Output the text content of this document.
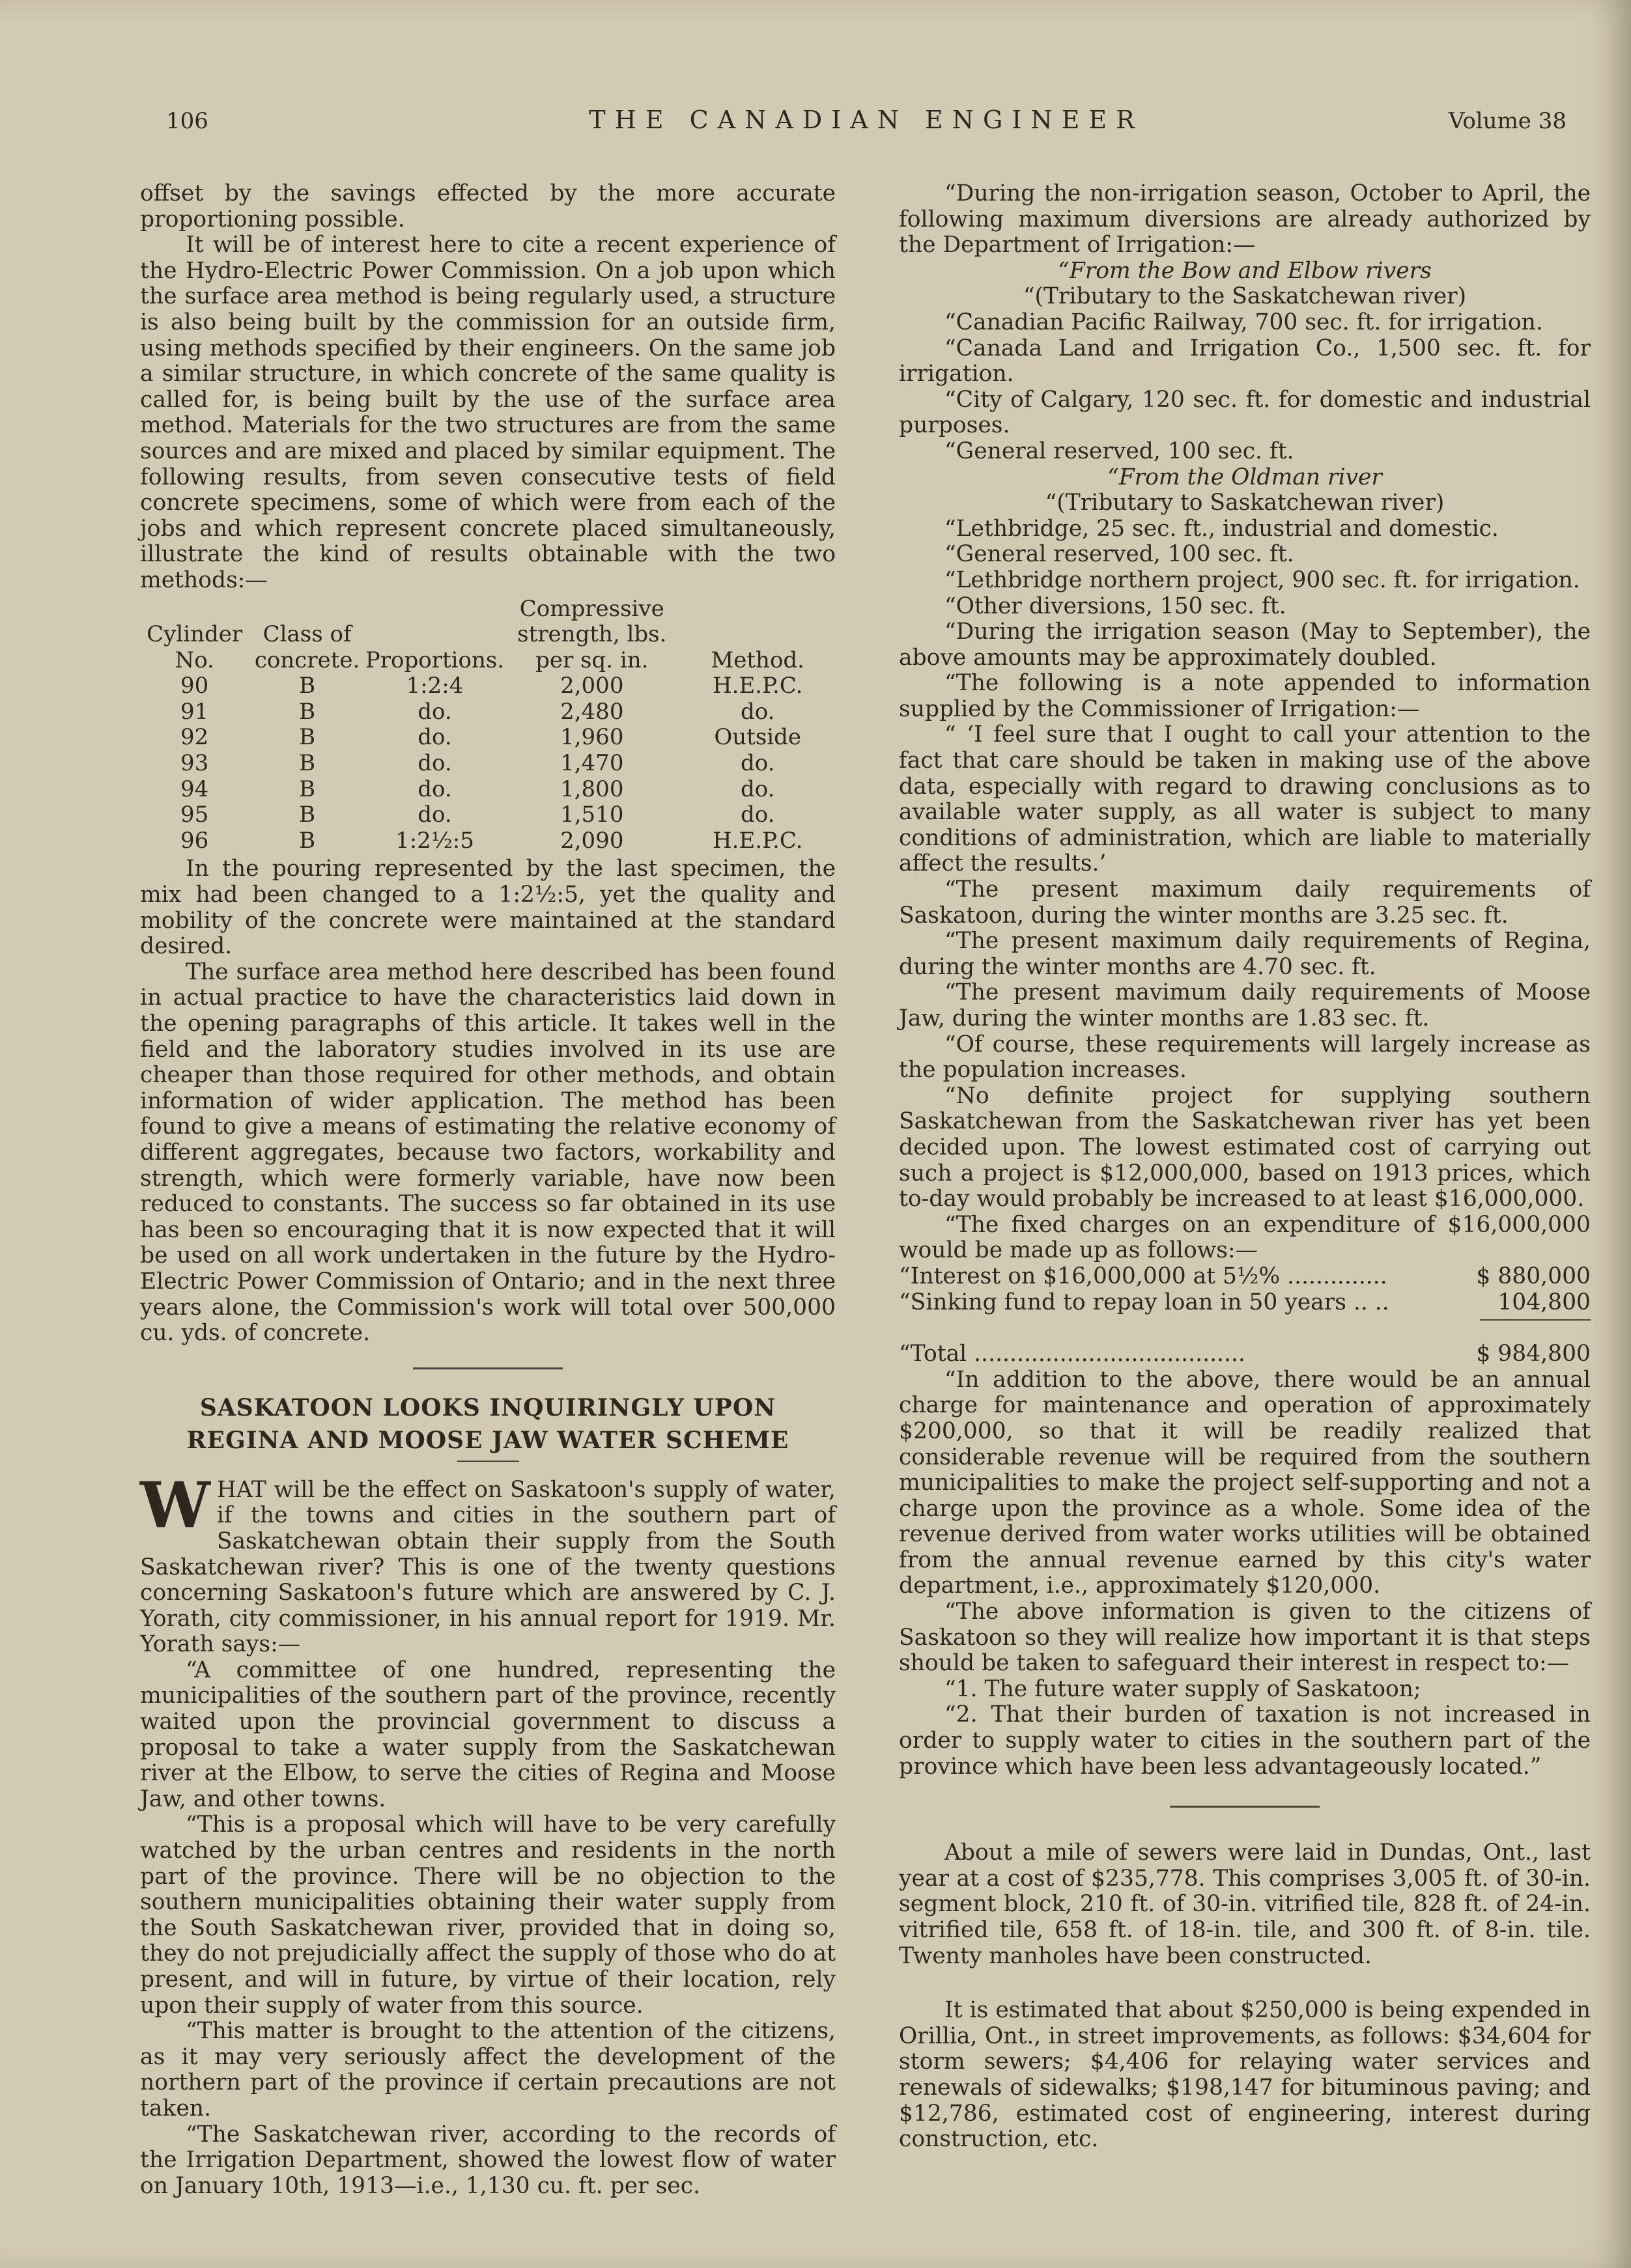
106	THE CANADIAN ENGINEER	Volume 38

offset by the savings effected by the more accurate proportioning possible.

It will be of interest here to cite a recent experience of the Hydro-Electric Power Commission. On a job upon which the surface area method is being regularly used, a structure is also being built by the commission for an outside firm, using methods specified by their engineers. On the same job a similar structure, in which concrete of the same quality is called for, is being built by the use of the surface area method. Materials for the two structures are from the same sources and are mixed and placed by similar equipment. The following results, from seven consecutive tests of field concrete specimens, some of which were from each of the jobs and which represent concrete placed simultaneously, illustrate the kind of results obtainable with the two methods:—

Cylinder No.	Class of concrete.	Proportions.	Compressive strength, lbs. per sq. in.	Method.
90	B	1:2:4	2,000	H.E.P.C.
91	B	do.	2,480	do.
92	B	do.	1,960	Outside
93	B	do.	1,470	do.
94	B	do.	1,800	do.
95	B	do.	1,510	do.
96	B	1:2½:5	2,090	H.E.P.C.

In the pouring represented by the last specimen, the mix had been changed to a 1:2½:5, yet the quality and mobility of the concrete were maintained at the standard desired.

The surface area method here described has been found in actual practice to have the characteristics laid down in the opening paragraphs of this article. It takes well in the field and the laboratory studies involved in its use are cheaper than those required for other methods, and obtain information of wider application. The method has been found to give a means of estimating the relative economy of different aggregates, because two factors, workability and strength, which were formerly variable, have now been reduced to constants. The success so far obtained in its use has been so encouraging that it is now expected that it will be used on all work undertaken in the future by the Hydro-Electric Power Commission of Ontario; and in the next three years alone, the Commission's work will total over 500,000 cu. yds. of concrete.

SASKATOON LOOKS INQUIRINGLY UPON REGINA AND MOOSE JAW WATER SCHEME

WHAT will be the effect on Saskatoon's supply of water, if the towns and cities in the southern part of Saskatchewan obtain their supply from the South Saskatchewan river? This is one of the twenty questions concerning Saskatoon's future which are answered by C. J. Yorath, city commissioner, in his annual report for 1919. Mr. Yorath says:—

“A committee of one hundred, representing the municipalities of the southern part of the province, recently waited upon the provincial government to discuss a proposal to take a water supply from the Saskatchewan river at the Elbow, to serve the cities of Regina and Moose Jaw, and other towns.

“This is a proposal which will have to be very carefully watched by the urban centres and residents in the north part of the province. There will be no objection to the southern municipalities obtaining their water supply from the South Saskatchewan river, provided that in doing so, they do not prejudicially affect the supply of those who do at present, and will in future, by virtue of their location, rely upon their supply of water from this source.

“This matter is brought to the attention of the citizens, as it may very seriously affect the development of the northern part of the province if certain precautions are not taken.

“The Saskatchewan river, according to the records of the Irrigation Department, showed the lowest flow of water on January 10th, 1913—i.e., 1,130 cu. ft. per sec.

“During the non-irrigation season, October to April, the following maximum diversions are already authorized by the Department of Irrigation:—

“From the Bow and Elbow rivers

“(Tributary to the Saskatchewan river)

“Canadian Pacific Railway, 700 sec. ft. for irrigation.

“Canada Land and Irrigation Co., 1,500 sec. ft. for irrigation.

“City of Calgary, 120 sec. ft. for domestic and industrial purposes.

“General reserved, 100 sec. ft.

“From the Oldman river

“(Tributary to Saskatchewan river)

“Lethbridge, 25 sec. ft., industrial and domestic.

“General reserved, 100 sec. ft.

“Lethbridge northern project, 900 sec. ft. for irrigation.

“Other diversions, 150 sec. ft.

“During the irrigation season (May to September), the above amounts may be approximately doubled.

“The following is a note appended to information supplied by the Commissioner of Irrigation:—

“ ‘I feel sure that I ought to call your attention to the fact that care should be taken in making use of the above data, especially with regard to drawing conclusions as to available water supply, as all water is subject to many conditions of administration, which are liable to materially affect the results.’

“The present maximum daily requirements of Saskatoon, during the winter months are 3.25 sec. ft.

“The present maximum daily requirements of Regina, during the winter months are 4.70 sec. ft.

“The present mavimum daily requirements of Moose Jaw, during the winter months are 1.83 sec. ft.

“Of course, these requirements will largely increase as the population increases.

“No definite project for supplying southern Saskatchewan from the Saskatchewan river has yet been decided upon. The lowest estimated cost of carrying out such a project is $12,000,000, based on 1913 prices, which to-day would probably be increased to at least $16,000,000.

“The fixed charges on an expenditure of $16,000,000 would be made up as follows:—

“Interest on $16,000,000 at 5½% ..............	$ 880,000
“Sinking fund to repay loan in 50 years .. ..	104,800
“Total ......................................	$ 984,800

“In addition to the above, there would be an annual charge for maintenance and operation of approximately $200,000, so that it will be readily realized that considerable revenue will be required from the southern municipalities to make the project self-supporting and not a charge upon the province as a whole. Some idea of the revenue derived from water works utilities will be obtained from the annual revenue earned by this city's water department, i.e., approximately $120,000.

“The above information is given to the citizens of Saskatoon so they will realize how important it is that steps should be taken to safeguard their interest in respect to:—

“1. The future water supply of Saskatoon;

“2. That their burden of taxation is not increased in order to supply water to cities in the southern part of the province which have been less advantageously located.”

About a mile of sewers were laid in Dundas, Ont., last year at a cost of $235,778. This comprises 3,005 ft. of 30-in. segment block, 210 ft. of 30-in. vitrified tile, 828 ft. of 24-in. vitrified tile, 658 ft. of 18-in. tile, and 300 ft. of 8-in. tile. Twenty manholes have been constructed.

It is estimated that about $250,000 is being expended in Orillia, Ont., in street improvements, as follows: $34,604 for storm sewers; $4,406 for relaying water services and renewals of sidewalks; $198,147 for bituminous paving; and $12,786, estimated cost of engineering, interest during construction, etc.
